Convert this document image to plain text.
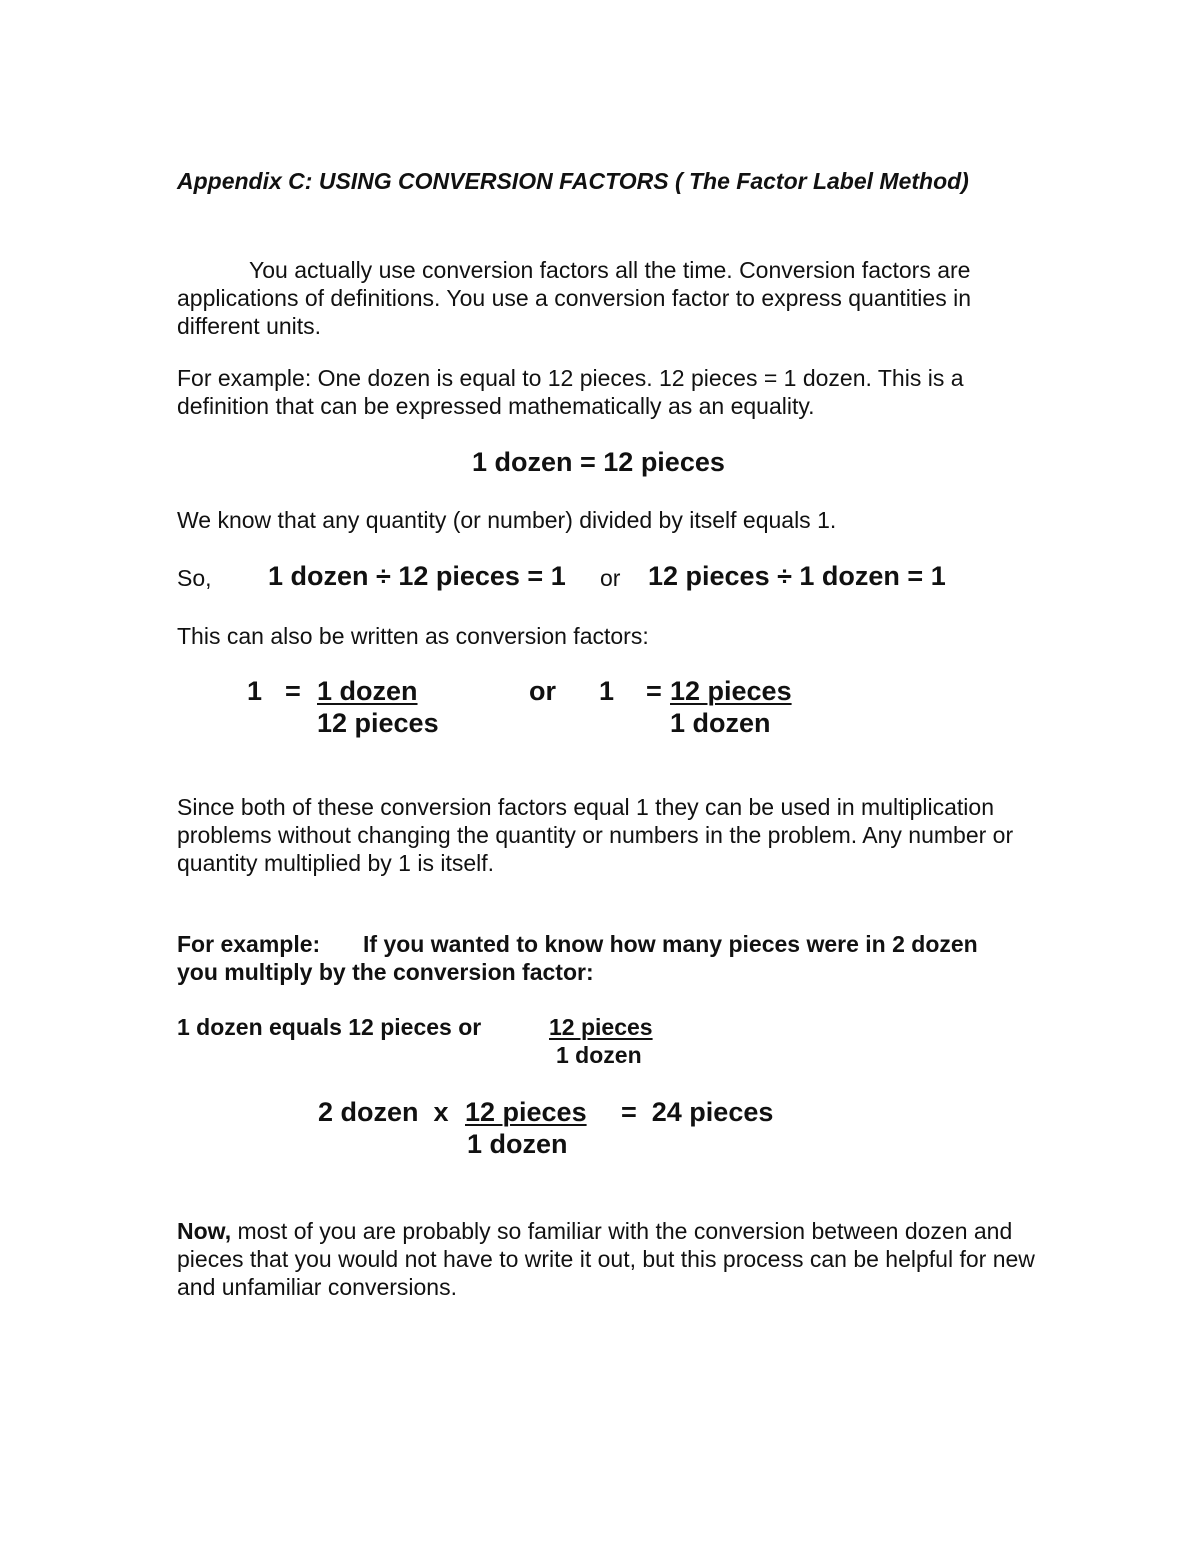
Appendix C: USING CONVERSION FACTORS ( The Factor Label Method)
You actually use conversion factors all the time. Conversion factors are applications of definitions. You use a conversion factor to express quantities in different units.
For example: One dozen is equal to 12 pieces. 12 pieces = 1 dozen. This is a definition that can be expressed mathematically as an equality.
1 dozen = 12 pieces
We know that any quantity (or number) divided by itself equals 1.
So, 1 dozen ÷ 12 pieces = 1 or 12 pieces ÷ 1 dozen = 1
This can also be written as conversion factors:
1 = 1 dozen
12 pieces
or 1 = 12 pieces
1 dozen
Since both of these conversion factors equal 1 they can be used in multiplication problems without changing the quantity or numbers in the problem. Any number or quantity multiplied by 1 is itself.
For example: If you wanted to know how many pieces were in 2 dozen
you multiply by the conversion factor:
1 dozen equals 12 pieces or	12 pieces
1 dozen
2 dozen  x 12 pieces
1 dozen
=  24 pieces
Now, most of you are probably so familiar with the conversion between dozen and pieces that you would not have to write it out, but this process can be helpful for new and unfamiliar conversions.
